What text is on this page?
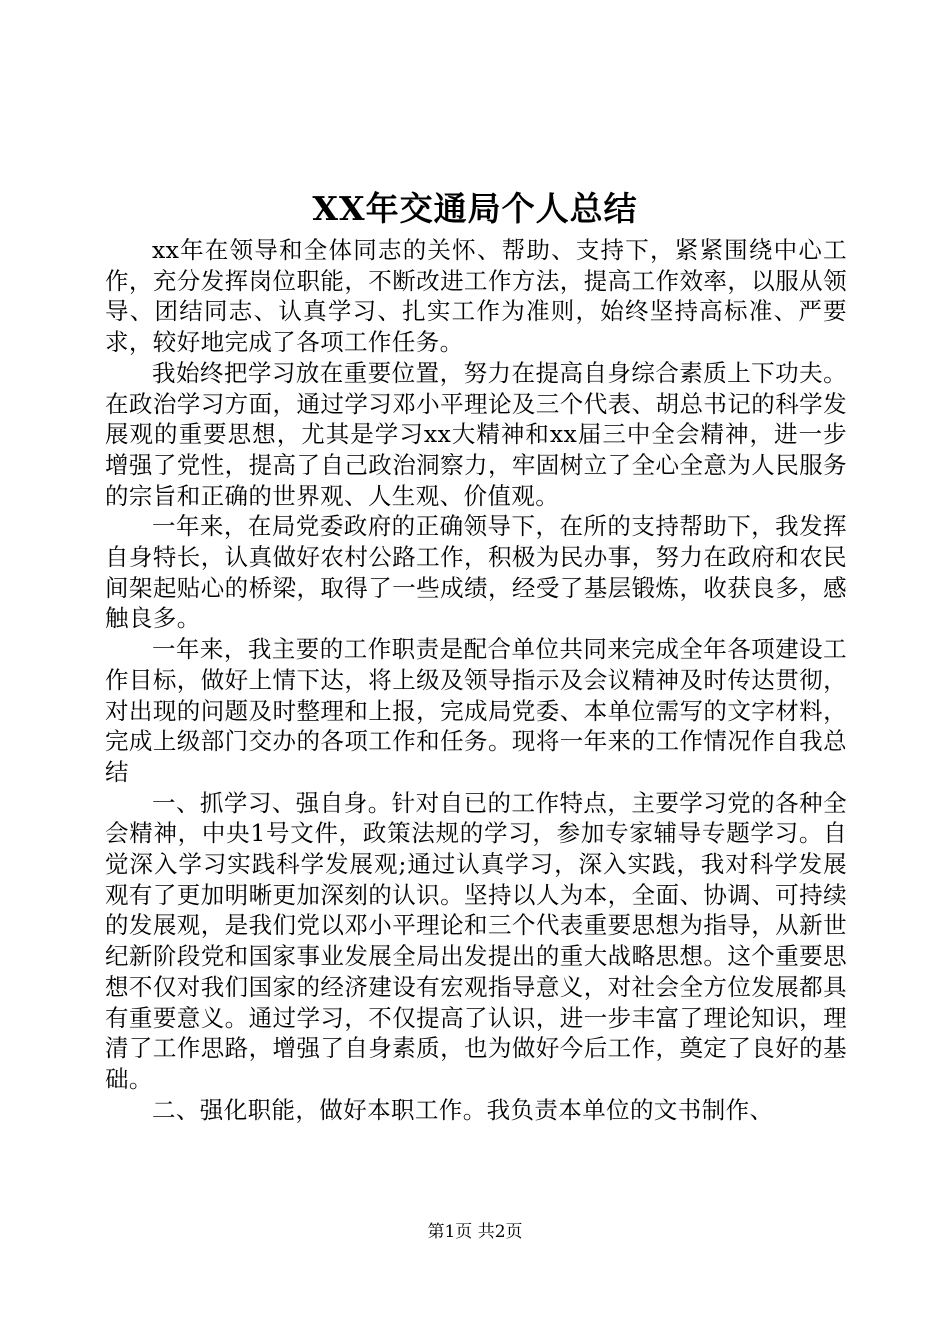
XX年交通局个人总结

xx年在领导和全体同志的关怀、帮助、支持下，紧紧围绕中心工作，充分发挥岗位职能，不断改进工作方法，提高工作效率，以服从领导、团结同志、认真学习、扎实工作为准则，始终坚持高标准、严要求，较好地完成了各项工作任务。

我始终把学习放在重要位置，努力在提高自身综合素质上下功夫。在政治学习方面，通过学习邓小平理论及三个代表、胡总书记的科学发展观的重要思想，尤其是学习xx大精神和xx届三中全会精神，进一步增强了党性，提高了自己政治洞察力，牢固树立了全心全意为人民服务的宗旨和正确的世界观、人生观、价值观。

一年来，在局党委政府的正确领导下，在所的支持帮助下，我发挥自身特长，认真做好农村公路工作，积极为民办事，努力在政府和农民间架起贴心的桥梁，取得了一些成绩，经受了基层锻炼，收获良多，感触良多。

一年来，我主要的工作职责是配合单位共同来完成全年各项建设工作目标，做好上情下达，将上级及领导指示及会议精神及时传达贯彻，对出现的问题及时整理和上报，完成局党委、本单位需写的文字材料，完成上级部门交办的各项工作和任务。现将一年来的工作情况作自我总结

一、抓学习、强自身。针对自已的工作特点，主要学习党的各种全会精神，中央1号文件，政策法规的学习，参加专家辅导专题学习。自觉深入学习实践科学发展观;通过认真学习，深入实践，我对科学发展观有了更加明晰更加深刻的认识。坚持以人为本，全面、协调、可持续的发展观，是我们党以邓小平理论和三个代表重要思想为指导，从新世纪新阶段党和国家事业发展全局出发提出的重大战略思想。这个重要思想不仅对我们国家的经济建设有宏观指导意义，对社会全方位发展都具有重要意义。通过学习，不仅提高了认识，进一步丰富了理论知识，理清了工作思路，增强了自身素质，也为做好今后工作，奠定了良好的基础。

二、强化职能，做好本职工作。我负责本单位的文书制作、

第1页 共2页
